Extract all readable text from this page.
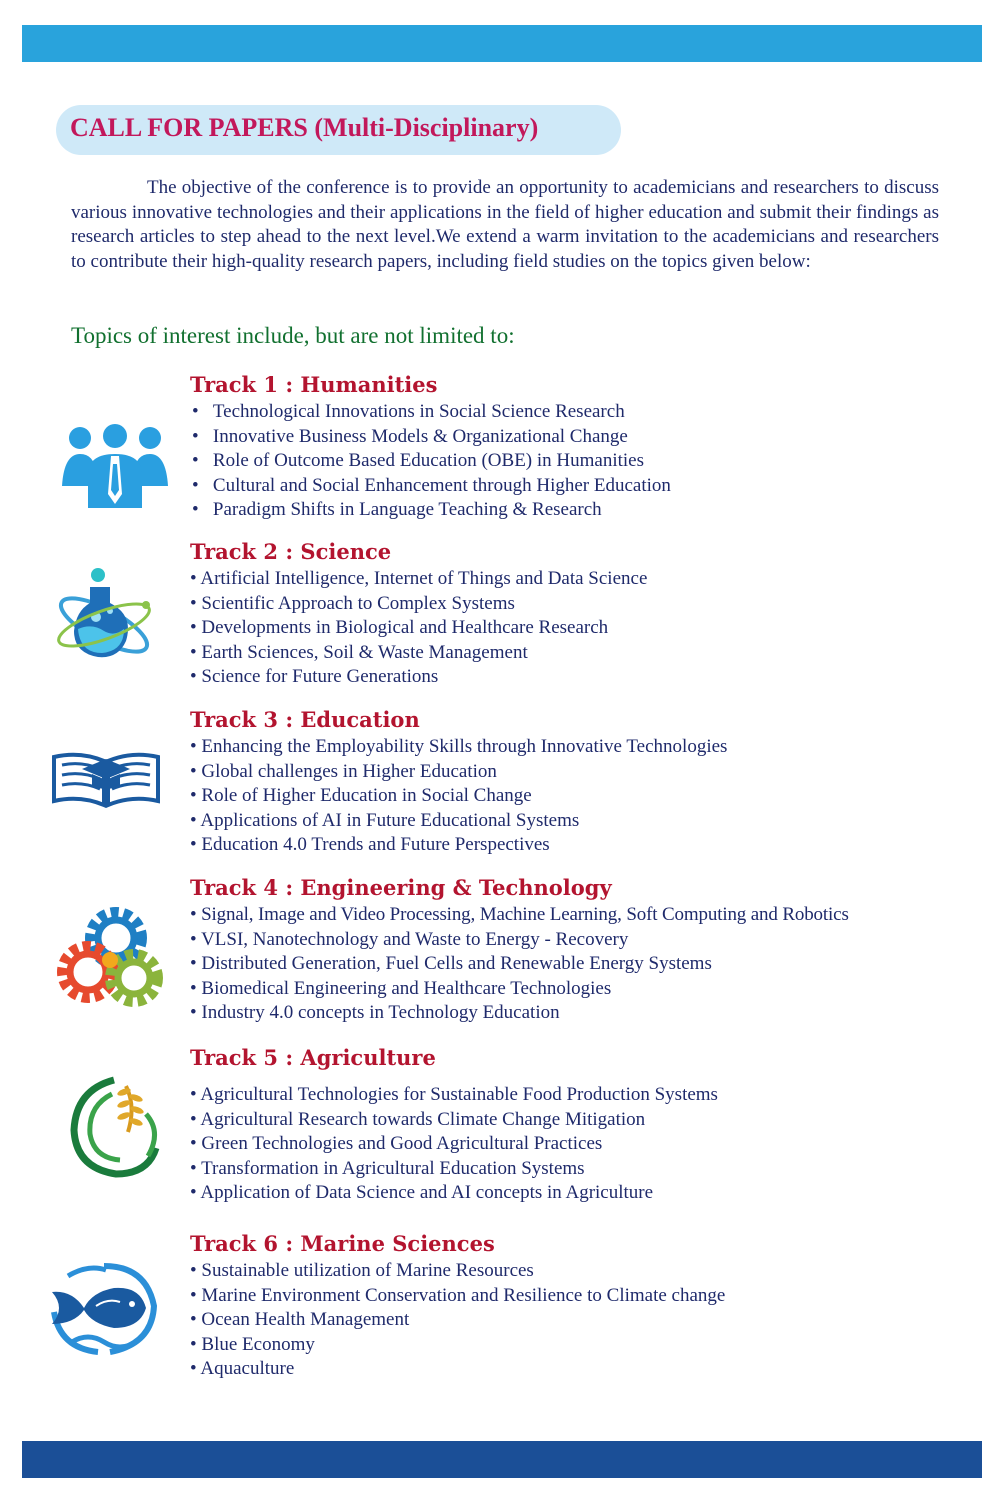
CALL FOR PAPERS (Multi-Disciplinary)

The objective of the conference is to provide an opportunity to academicians and researchers to discuss various innovative technologies and their applications in the field of higher education and submit their findings as research articles to step ahead to the next level.We extend a warm invitation to the academicians and researchers to contribute their high-quality research papers, including field studies on the topics given below:

Topics of interest include, but are not limited to:
Track 1 : Humanities
• Technological Innovations in Social Science Research
• Innovative Business Models & Organizational Change
• Role of Outcome Based Education (OBE) in Humanities
• Cultural and Social Enhancement through Higher Education
• Paradigm Shifts in Language Teaching & Research
Track 2 : Science
• Artificial Intelligence, Internet of Things and Data Science
• Scientific Approach to Complex Systems
• Developments in Biological and Healthcare Research
• Earth Sciences, Soil & Waste Management
• Science for Future Generations
Track 3 : Education
• Enhancing the Employability Skills through Innovative Technologies
• Global challenges in Higher Education
• Role of Higher Education in Social Change
• Applications of AI in Future Educational Systems
• Education 4.0 Trends and Future Perspectives
Track 4 : Engineering & Technology
• Signal, Image and Video Processing, Machine Learning, Soft Computing and Robotics
• VLSI, Nanotechnology and Waste to Energy - Recovery
• Distributed Generation, Fuel Cells and Renewable Energy Systems
• Biomedical Engineering and Healthcare Technologies
• Industry 4.0 concepts in Technology Education
Track 5 : Agriculture
• Agricultural Technologies for Sustainable Food Production Systems
• Agricultural Research towards Climate Change Mitigation
• Green Technologies and Good Agricultural Practices
• Transformation in Agricultural Education Systems
• Application of Data Science and AI concepts in Agriculture
Track 6 : Marine Sciences
• Sustainable utilization of Marine Resources
• Marine Environment Conservation and Resilience to Climate change
• Ocean Health Management
• Blue Economy
• Aquaculture
